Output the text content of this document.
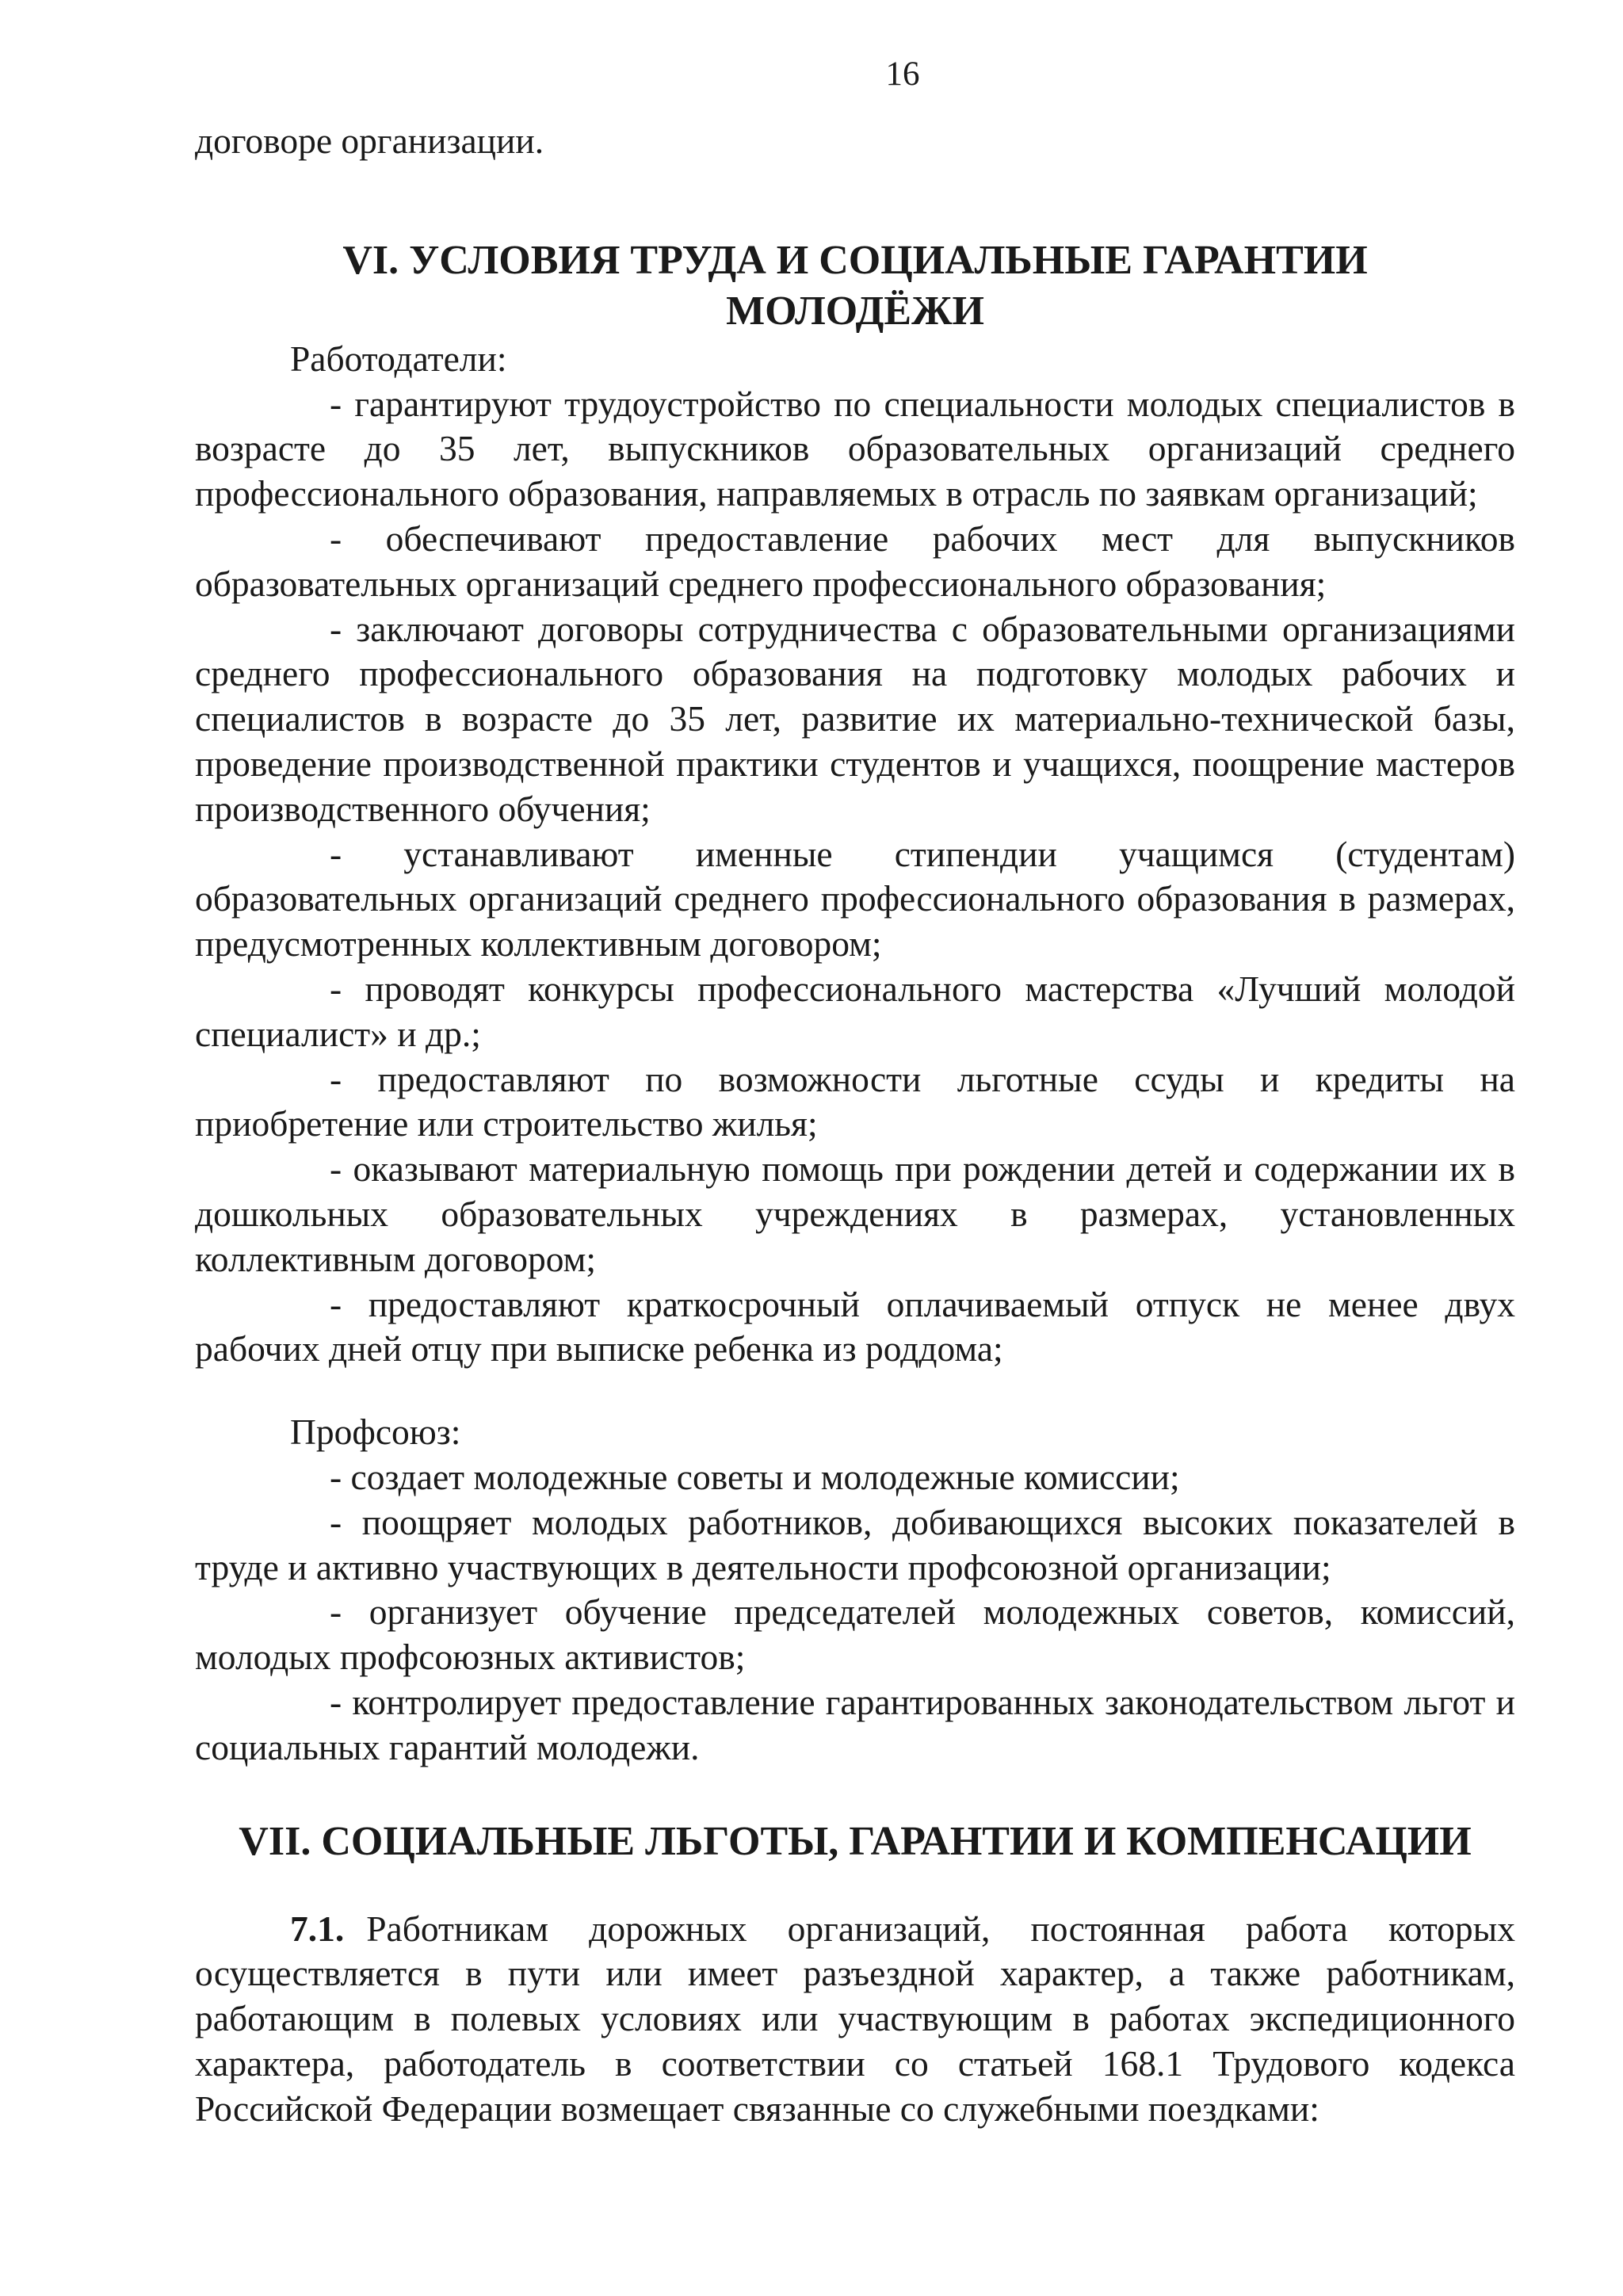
16

договоре организации.

VI. УСЛОВИЯ ТРУДА И СОЦИАЛЬНЫЕ ГАРАНТИИ

МОЛОДЁЖИ

Работодатели:

- гарантируют трудоустройство по специальности молодых специалистов в возрасте до 35 лет, выпускников образовательных организаций среднего профессионального образования, направляемых в отрасль по заявкам организаций;

- обеспечивают предоставление рабочих мест для выпускников образовательных организаций среднего профессионального образования;

- заключают договоры сотрудничества с образовательными организациями среднего профессионального образования на подготовку молодых рабочих и специалистов в возрасте до 35 лет, развитие их материально-технической базы, проведение производственной практики студентов и учащихся, поощрение мастеров производственного обучения;

- устанавливают именные стипендии учащимся (студентам) образовательных организаций среднего профессионального образования в размерах, предусмотренных коллективным договором;

- проводят конкурсы профессионального мастерства «Лучший молодой специалист» и др.;

- предоставляют по возможности льготные ссуды и кредиты на приобретение или строительство жилья;

- оказывают материальную помощь при рождении детей и содержании их в дошкольных образовательных учреждениях в размерах, установленных коллективным договором;

- предоставляют краткосрочный оплачиваемый отпуск не менее двух рабочих дней отцу при выписке ребенка из роддома;

Профсоюз:

- создает молодежные советы и молодежные комиссии;

- поощряет молодых работников, добивающихся высоких показателей в труде и активно участвующих в деятельности профсоюзной организации;

- организует обучение председателей молодежных советов, комиссий, молодых профсоюзных активистов;

- контролирует предоставление гарантированных законодательством льгот и социальных гарантий молодежи.

VII. СОЦИАЛЬНЫЕ ЛЬГОТЫ, ГАРАНТИИ И КОМПЕНСАЦИИ

7.1. Работникам дорожных организаций, постоянная работа которых осуществляется в пути или имеет разъездной характер, а также работникам, работающим в полевых условиях или участвующим в работах экспедиционного характера, работодатель в соответствии со статьей 168.1 Трудового кодекса Российской Федерации возмещает связанные со служебными поездками:
